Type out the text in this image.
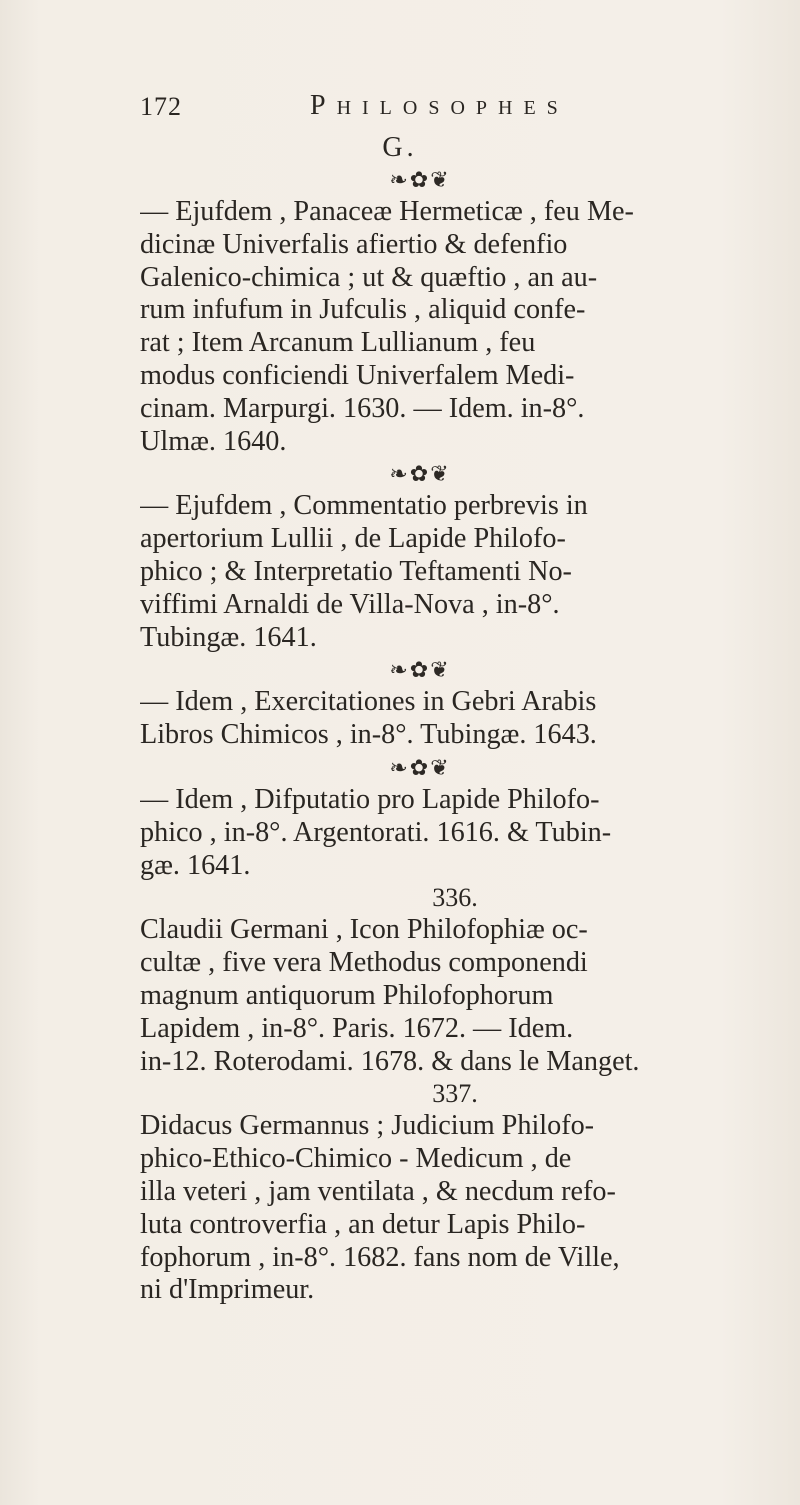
172	Philosophes
G.
❧✿❦
— Ejufdem , Panaceæ Hermeticæ , feu Me-
dicinæ Univerfalis afiertio & defenfio
Galenico-chimica ; ut & quæftio , an au-
rum infufum in Jufculis , aliquid confe-
rat ; Item Arcanum Lullianum , feu
modus conficiendi Univerfalem Medi-
cinam. Marpurgi. 1630. — Idem. in-8°.
Ulmæ. 1640.
❧✿❦
— Ejufdem , Commentatio perbrevis in
apertorium Lullii , de Lapide Philofo-
phico ; & Interpretatio Teftamenti No-
viffimi Arnaldi de Villa-Nova , in-8°.
Tubingæ. 1641.
❧✿❦
— Idem , Exercitationes in Gebri Arabis
Libros Chimicos , in-8°. Tubingæ. 1643.
❧✿❦
— Idem , Difputatio pro Lapide Philofo-
phico , in-8°. Argentorati. 1616. & Tubin-
gæ. 1641.
336.
Claudii Germani , Icon Philofophiæ oc-
cultæ , five vera Methodus componendi
magnum antiquorum Philofophorum
Lapidem , in-8°. Paris. 1672. — Idem.
in-12. Roterodami. 1678. & dans le Manget.
337.
Didacus Germannus ; Judicium Philofo-
phico-Ethico-Chimico - Medicum , de
illa veteri , jam ventilata , & necdum refo-
luta controverfia , an detur Lapis Philo-
fophorum , in-8°. 1682. fans nom de Ville,
ni d'Imprimeur.
